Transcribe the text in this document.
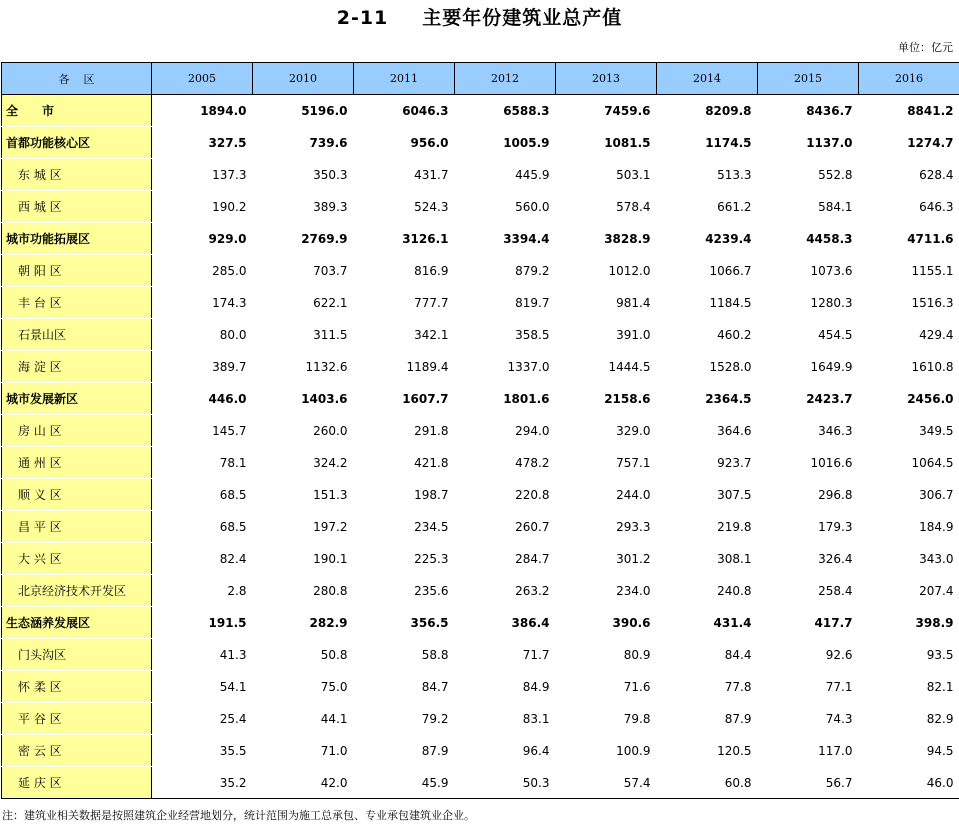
2-11 主要年份建筑业总产值
单位：亿元
各区	2005	2010	2011	2012	2013	2014	2015	2016
全　　市	1894.0	5196.0	6046.3	6588.3	7459.6	8209.8	8436.7	8841.2
首都功能核心区	327.5	739.6	956.0	1005.9	1081.5	1174.5	1137.0	1274.7
东 城 区	137.3	350.3	431.7	445.9	503.1	513.3	552.8	628.4
西 城 区	190.2	389.3	524.3	560.0	578.4	661.2	584.1	646.3
城市功能拓展区	929.0	2769.9	3126.1	3394.4	3828.9	4239.4	4458.3	4711.6
朝 阳 区	285.0	703.7	816.9	879.2	1012.0	1066.7	1073.6	1155.1
丰 台 区	174.3	622.1	777.7	819.7	981.4	1184.5	1280.3	1516.3
石景山区	80.0	311.5	342.1	358.5	391.0	460.2	454.5	429.4
海 淀 区	389.7	1132.6	1189.4	1337.0	1444.5	1528.0	1649.9	1610.8
城市发展新区	446.0	1403.6	1607.7	1801.6	2158.6	2364.5	2423.7	2456.0
房 山 区	145.7	260.0	291.8	294.0	329.0	364.6	346.3	349.5
通 州 区	78.1	324.2	421.8	478.2	757.1	923.7	1016.6	1064.5
顺 义 区	68.5	151.3	198.7	220.8	244.0	307.5	296.8	306.7
昌 平 区	68.5	197.2	234.5	260.7	293.3	219.8	179.3	184.9
大 兴 区	82.4	190.1	225.3	284.7	301.2	308.1	326.4	343.0
北京经济技术开发区	2.8	280.8	235.6	263.2	234.0	240.8	258.4	207.4
生态涵养发展区	191.5	282.9	356.5	386.4	390.6	431.4	417.7	398.9
门头沟区	41.3	50.8	58.8	71.7	80.9	84.4	92.6	93.5
怀 柔 区	54.1	75.0	84.7	84.9	71.6	77.8	77.1	82.1
平 谷 区	25.4	44.1	79.2	83.1	79.8	87.9	74.3	82.9
密 云 区	35.5	71.0	87.9	96.4	100.9	120.5	117.0	94.5
延 庆 区	35.2	42.0	45.9	50.3	57.4	60.8	56.7	46.0
注：建筑业相关数据是按照建筑企业经营地划分，统计范围为施工总承包、专业承包建筑业企业。
